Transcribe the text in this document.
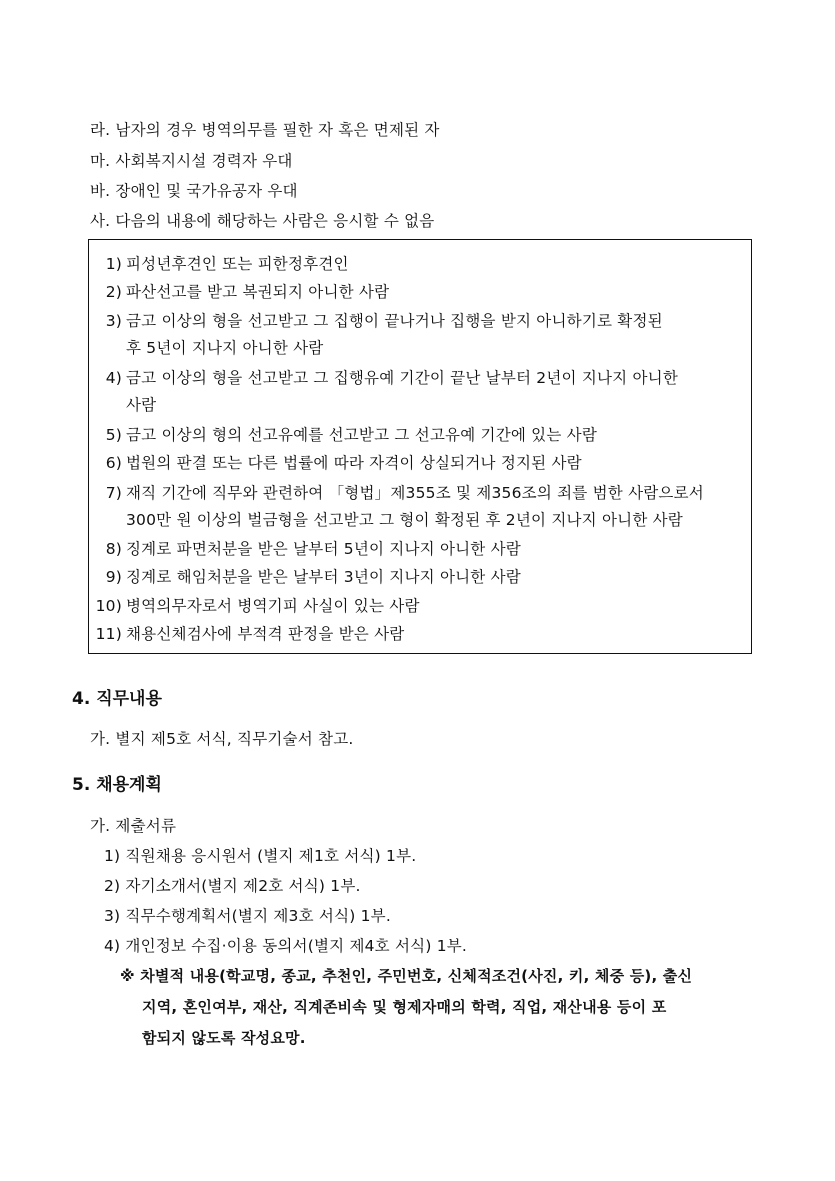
라. 남자의 경우 병역의무를 필한 자 혹은 면제된 자
마. 사회복지시설 경력자 우대
바. 장애인 및 국가유공자 우대
사. 다음의 내용에 해당하는 사람은 응시할 수 없음
1) 피성년후견인 또는 피한정후견인
2) 파산선고를 받고 복권되지 아니한 사람
3) 금고 이상의 형을 선고받고 그 집행이 끝나거나 집행을 받지 아니하기로 확정된
후 5년이 지나지 아니한 사람
4) 금고 이상의 형을 선고받고 그 집행유예 기간이 끝난 날부터 2년이 지나지 아니한
사람
5) 금고 이상의 형의 선고유예를 선고받고 그 선고유예 기간에 있는 사람
6) 법원의 판결 또는 다른 법률에 따라 자격이 상실되거나 정지된 사람
7) 재직 기간에 직무와 관련하여 「형법」제355조 및 제356조의 죄를 범한 사람으로서
300만 원 이상의 벌금형을 선고받고 그 형이 확정된 후 2년이 지나지 아니한 사람
8) 징계로 파면처분을 받은 날부터 5년이 지나지 아니한 사람
9) 징계로 해임처분을 받은 날부터 3년이 지나지 아니한 사람
10) 병역의무자로서 병역기피 사실이 있는 사람
11) 채용신체검사에 부적격 판정을 받은 사람
4. 직무내용
가. 별지 제5호 서식, 직무기술서 참고.
5. 채용계획
가. 제출서류
1) 직원채용 응시원서 (별지 제1호 서식) 1부.
2) 자기소개서(별지 제2호 서식) 1부.
3) 직무수행계획서(별지 제3호 서식) 1부.
4) 개인정보 수집·이용 동의서(별지 제4호 서식) 1부.
※ 차별적 내용(학교명, 종교, 추천인, 주민번호, 신체적조건(사진, 키, 체중 등), 출신
지역, 혼인여부, 재산, 직계존비속 및 형제자매의 학력, 직업, 재산내용 등이 포
함되지 않도록 작성요망.
